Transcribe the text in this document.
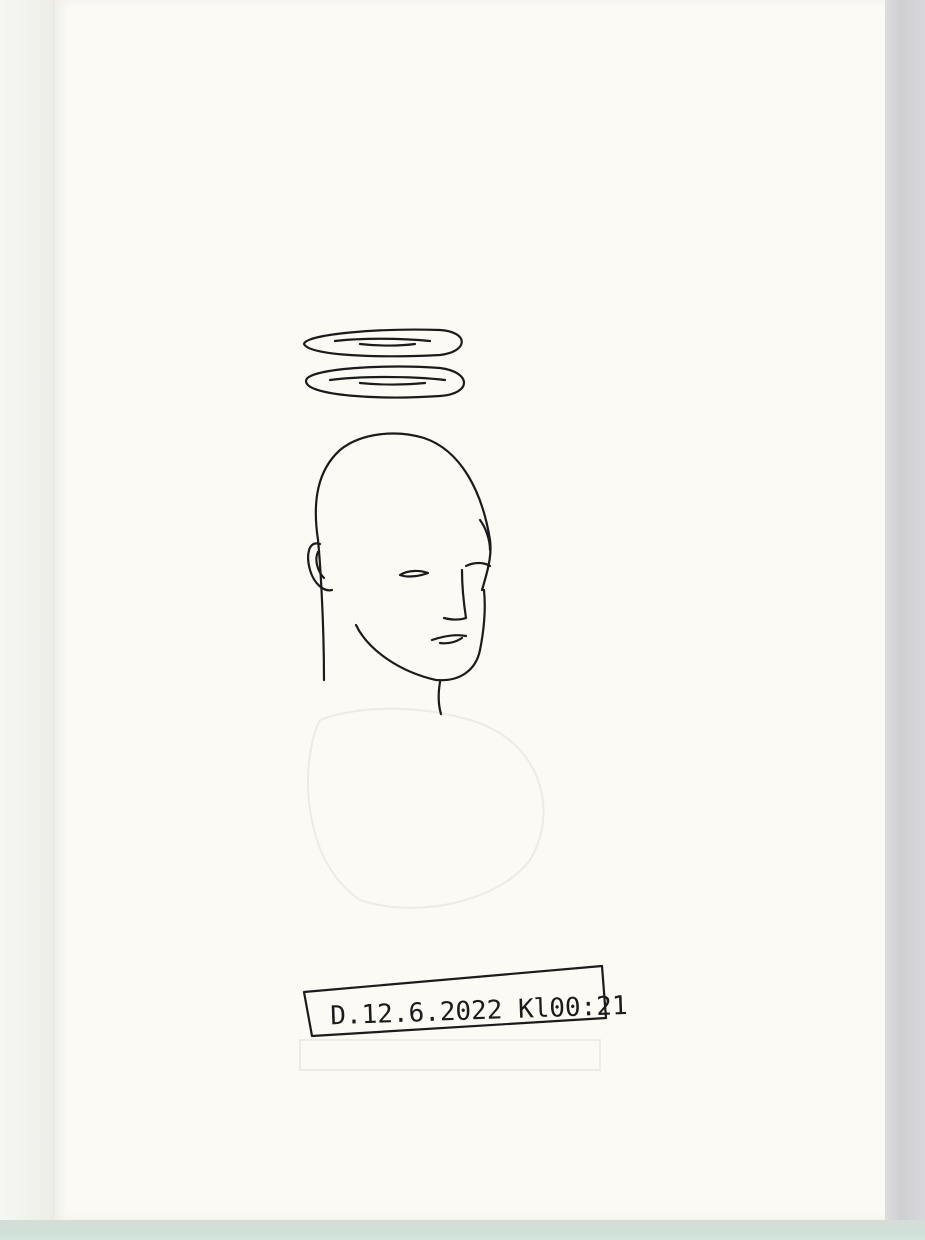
D.12.6.2022 Kl00:21
